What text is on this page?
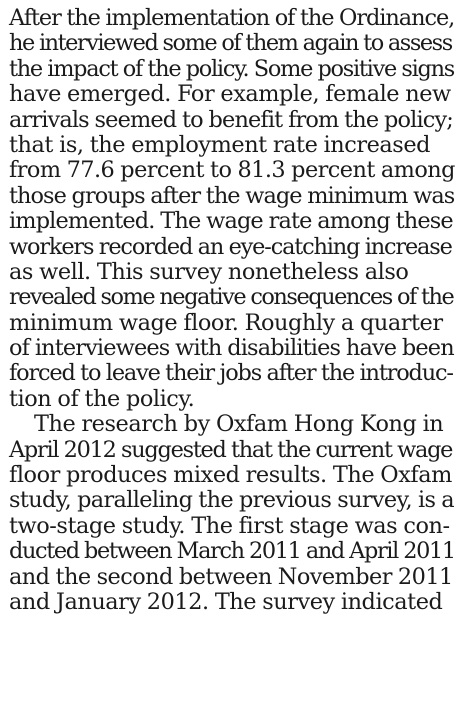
After the implementation of the Ordinance,
he interviewed some of them again to assess
the impact of the policy. Some positive signs
have emerged. For example, female new
arrivals seemed to benefit from the policy;
that is, the employment rate increased
from 77.6 percent to 81.3 percent among
those groups after the wage minimum was
implemented. The wage rate among these
workers recorded an eye-catching increase
as well. This survey nonetheless also
revealed some negative consequences of the
minimum wage floor. Roughly a quarter
of interviewees with disabilities have been
forced to leave their jobs after the introduc-
tion of the policy.
The research by Oxfam Hong Kong in
April 2012 suggested that the current wage
floor produces mixed results. The Oxfam
study, paralleling the previous survey, is a
two-stage study. The first stage was con-
ducted between March 2011 and April 2011
and the second between November 2011
and January 2012. The survey indicated
